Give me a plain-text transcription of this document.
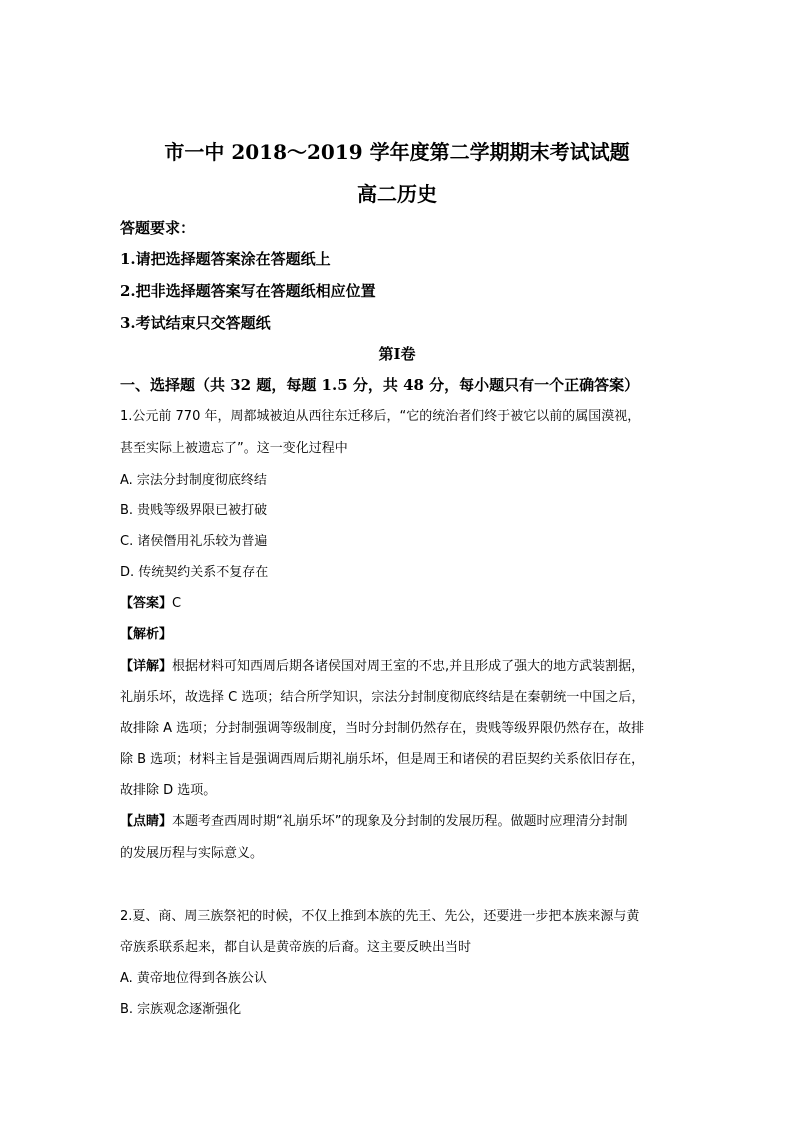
市一中 2018～2019 学年度第二学期期末考试试题
高二历史
答题要求：
1.请把选择题答案涂在答题纸上
2.把非选择题答案写在答题纸相应位置
3.考试结束只交答题纸
第Ⅰ卷
一、选择题（共 32 题，每题 1.5 分，共 48 分，每小题只有一个正确答案）
1.公元前 770 年，周都城被迫从西往东迁移后，“它的统治者们终于被它以前的属国漠视，
甚至实际上被遗忘了”。这一变化过程中
A. 宗法分封制度彻底终结
B. 贵贱等级界限已被打破
C. 诸侯僭用礼乐较为普遍
D. 传统契约关系不复存在
【答案】C
【解析】
【详解】根据材料可知西周后期各诸侯国对周王室的不忠,并且形成了强大的地方武装割据，
礼崩乐坏，故选择 C 选项；结合所学知识，宗法分封制度彻底终结是在秦朝统一中国之后，
故排除 A 选项；分封制强调等级制度，当时分封制仍然存在，贵贱等级界限仍然存在，故排
除 B 选项；材料主旨是强调西周后期礼崩乐坏，但是周王和诸侯的君臣契约关系依旧存在，
故排除 D 选项。
【点睛】本题考查西周时期“礼崩乐坏”的现象及分封制的发展历程。做题时应理清分封制
的发展历程与实际意义。
2.夏、商、周三族祭祀的时候，不仅上推到本族的先王、先公，还要进一步把本族来源与黄
帝族系联系起来，都自认是黄帝族的后裔。这主要反映出当时
A. 黄帝地位得到各族公认
B. 宗族观念逐渐强化
